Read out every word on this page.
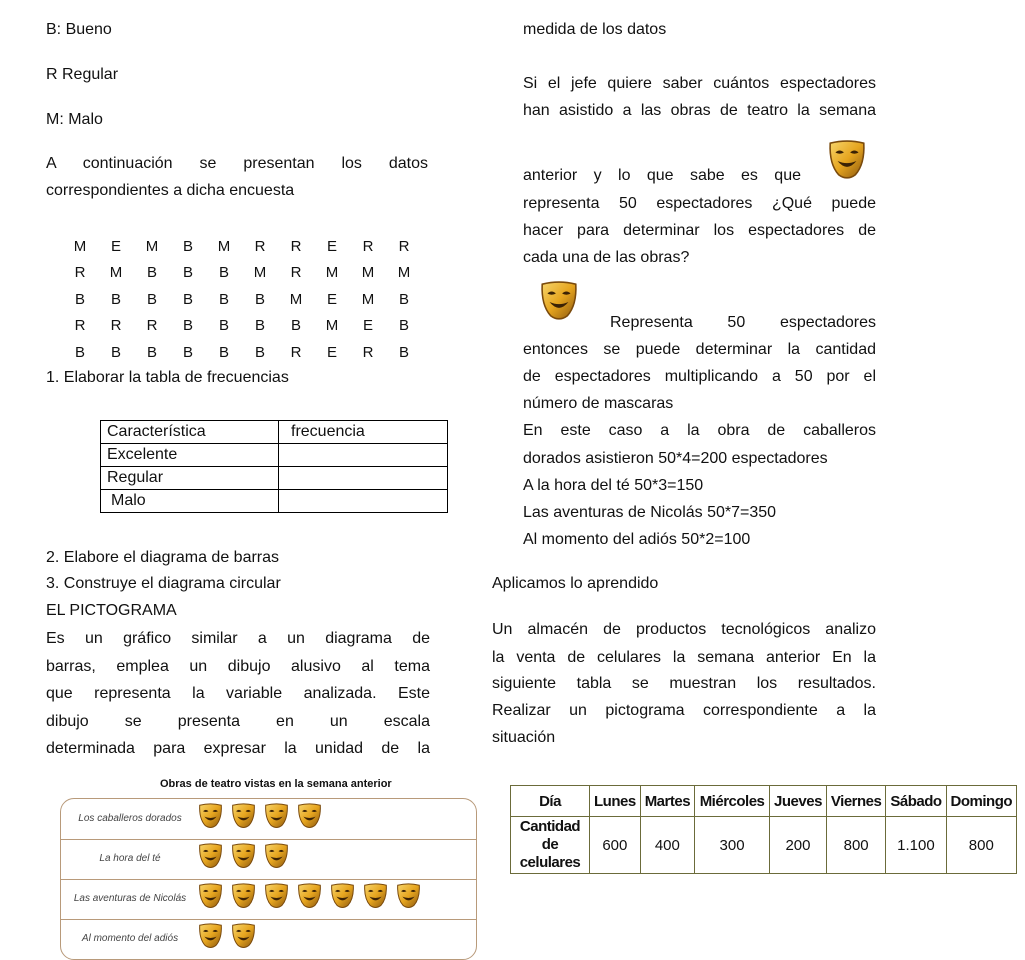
B: Bueno
R Regular
M: Malo
A continuación se presentan los datos
correspondientes a dicha encuesta
M	E	M	B	M	R	R	E	R	R
R	M	B	B	B	M	R	M	M	M
B	B	B	B	B	B	M	E	M	B
R	R	R	B	B	B	B	M	E	B
B	B	B	B	B	B	R	E	R	B
1. Elaborar la tabla de frecuencias
Característica	frecuencia
Excelente	
Regular	
Malo	
2. Elabore el diagrama de barras
3. Construye el diagrama circular
EL PICTOGRAMA
Es un gráfico similar a un diagrama de
barras, emplea un dibujo alusivo al tema
que representa la variable analizada. Este
dibujo se presenta en un escala
determinada para expresar la unidad de la
Obras de teatro vistas en la semana anterior
Los caballeros dorados
La hora del té
Las aventuras de Nicolás
Al momento del adiós
medida de los datos
Si el jefe quiere saber cuántos espectadores
han asistido a las obras de teatro la semana
anterior y lo que sabe es que
representa 50 espectadores ¿Qué puede
hacer para determinar los espectadores de
cada una de las obras?
Representa 50 espectadores
entonces se puede determinar la cantidad
de espectadores multiplicando a 50 por el
número de mascaras
En este caso a la obra de caballeros
dorados asistieron 50*4=200 espectadores
A la hora del té 50*3=150
Las aventuras de Nicolás 50*7=350
Al momento del adiós 50*2=100
Aplicamos lo aprendido
Un almacén de productos tecnológicos analizo
la venta de celulares la semana anterior En la
siguiente tabla se muestran los resultados.
Realizar un pictograma correspondiente a la
situación
Día	Lunes	Martes	Miércoles	Jueves	Viernes	Sábado	Domingo
Cantidad
de celulares	600	400	300	200	800	1.100	800
